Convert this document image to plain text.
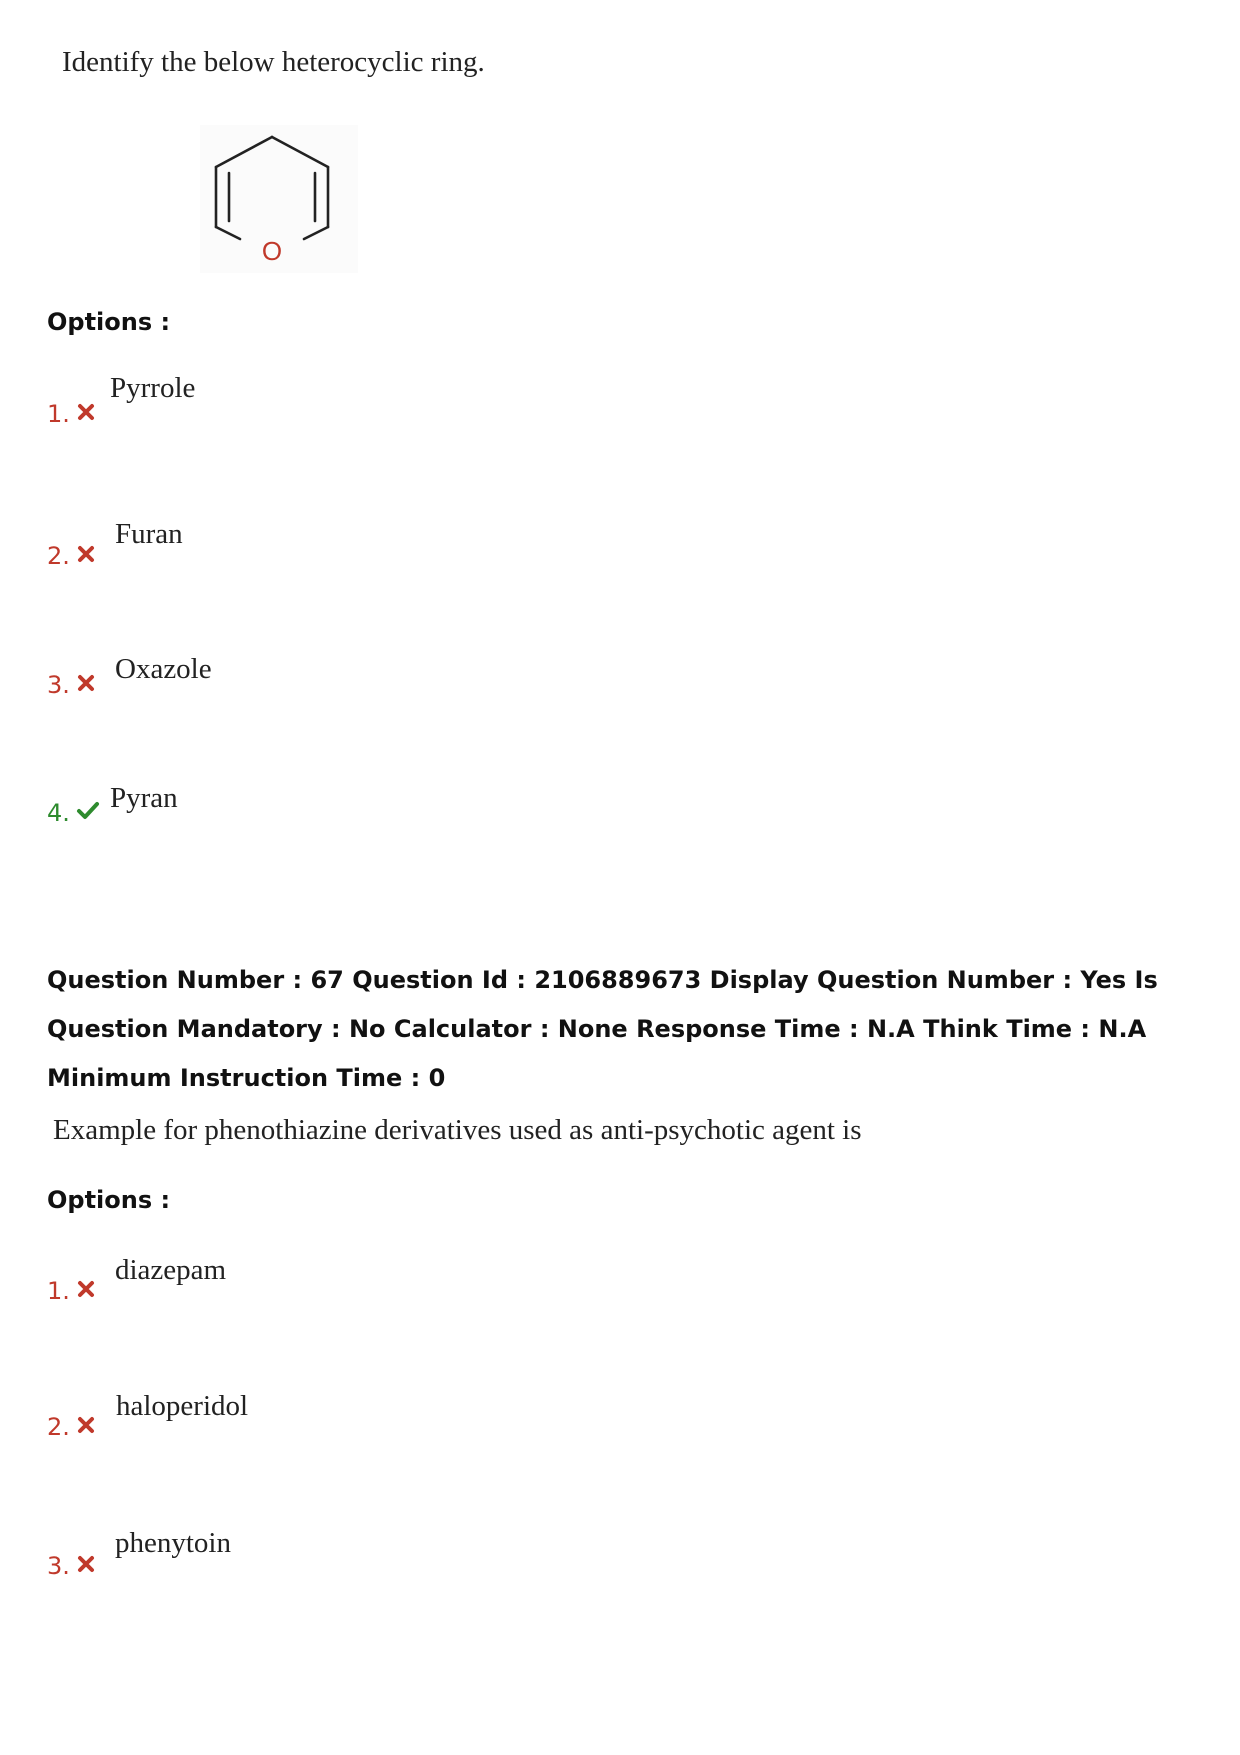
Identify the below heterocyclic ring.
O
Options :
1.
Pyrrole
2.
Furan
3. Oxazole
4. Pyran
Question Number : 67 Question Id : 2106889673 Display Question Number : Yes Is Question Mandatory : No Calculator : None Response Time : N.A Think Time : N.A Minimum Instruction Time : 0
Example for phenothiazine derivatives used as anti-psychotic agent is
Options :
1.
diazepam
2.
haloperidol
3.
phenytoin
